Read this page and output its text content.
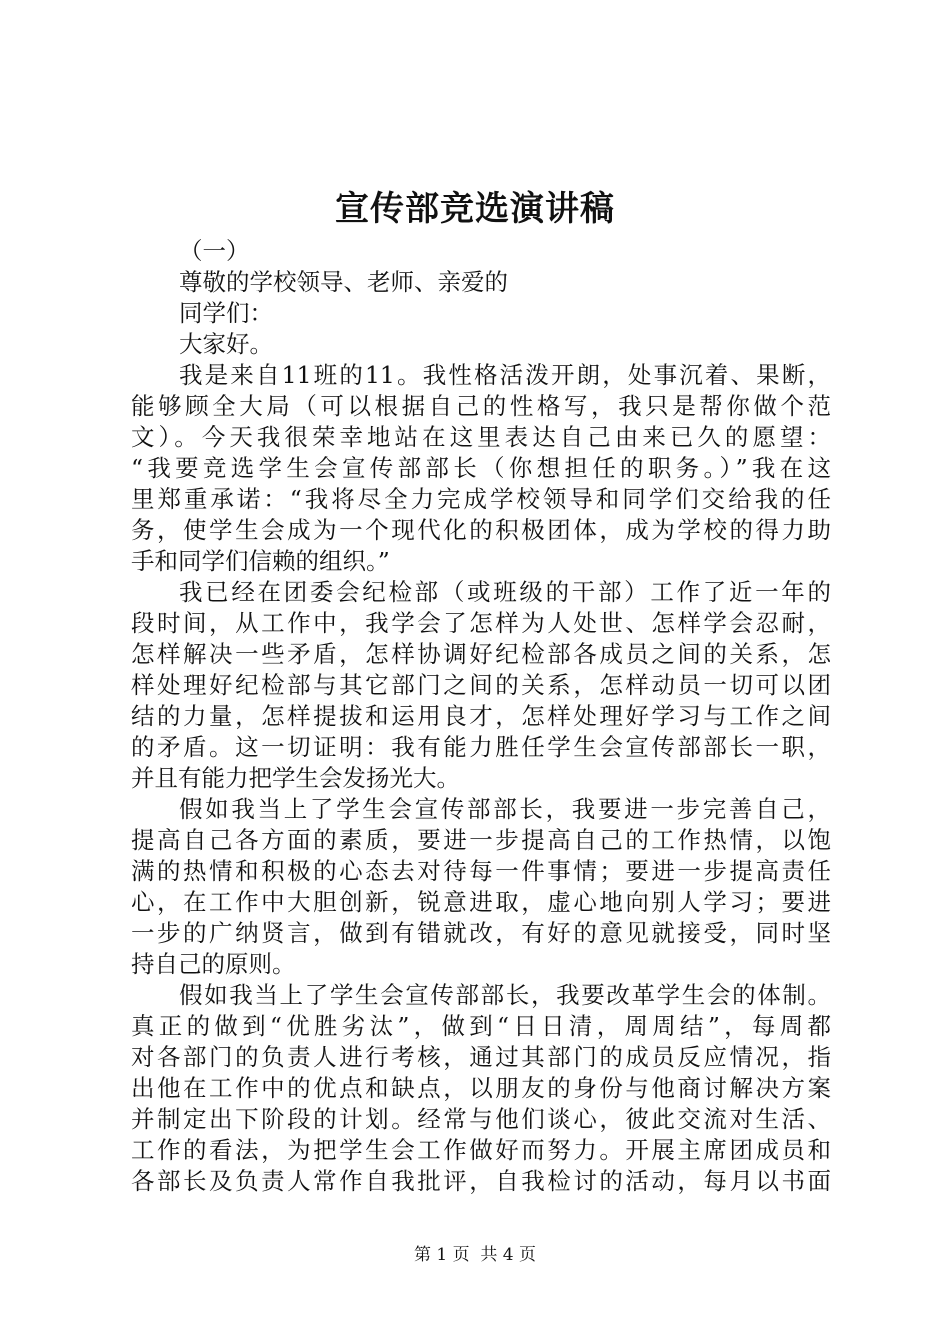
宣传部竞选演讲稿
（一）
尊敬的学校领导、老师、亲爱的
同学们：
大家好。
我是来自11班的11。我性格活泼开朗，处事沉着、果断，
能够顾全大局（可以根据自己的性格写，我只是帮你做个范
文）。今天我很荣幸地站在这里表达自己由来已久的愿望：
“我要竞选学生会宣传部部长（你想担任的职务。）”我在这
里郑重承诺：“我将尽全力完成学校领导和同学们交给我的任
务，使学生会成为一个现代化的积极团体，成为学校的得力助
手和同学们信赖的组织。”
我已经在团委会纪检部（或班级的干部）工作了近一年的
段时间，从工作中，我学会了怎样为人处世、怎样学会忍耐，
怎样解决一些矛盾，怎样协调好纪检部各成员之间的关系，怎
样处理好纪检部与其它部门之间的关系，怎样动员一切可以团
结的力量，怎样提拔和运用良才，怎样处理好学习与工作之间
的矛盾。这一切证明：我有能力胜任学生会宣传部部长一职，
并且有能力把学生会发扬光大。
假如我当上了学生会宣传部部长，我要进一步完善自己，
提高自己各方面的素质，要进一步提高自己的工作热情，以饱
满的热情和积极的心态去对待每一件事情；要进一步提高责任
心，在工作中大胆创新，锐意进取，虚心地向别人学习；要进
一步的广纳贤言，做到有错就改，有好的意见就接受，同时坚
持自己的原则。
假如我当上了学生会宣传部部长，我要改革学生会的体制。
真正的做到“优胜劣汰”，做到“日日清，周周结”，每周都
对各部门的负责人进行考核，通过其部门的成员反应情况，指
出他在工作中的优点和缺点，以朋友的身份与他商讨解决方案
并制定出下阶段的计划。经常与他们谈心，彼此交流对生活、
工作的看法，为把学生会工作做好而努力。开展主席团成员和
各部长及负责人常作自我批评，自我检讨的活动，每月以书面
第 1 页  共 4 页
